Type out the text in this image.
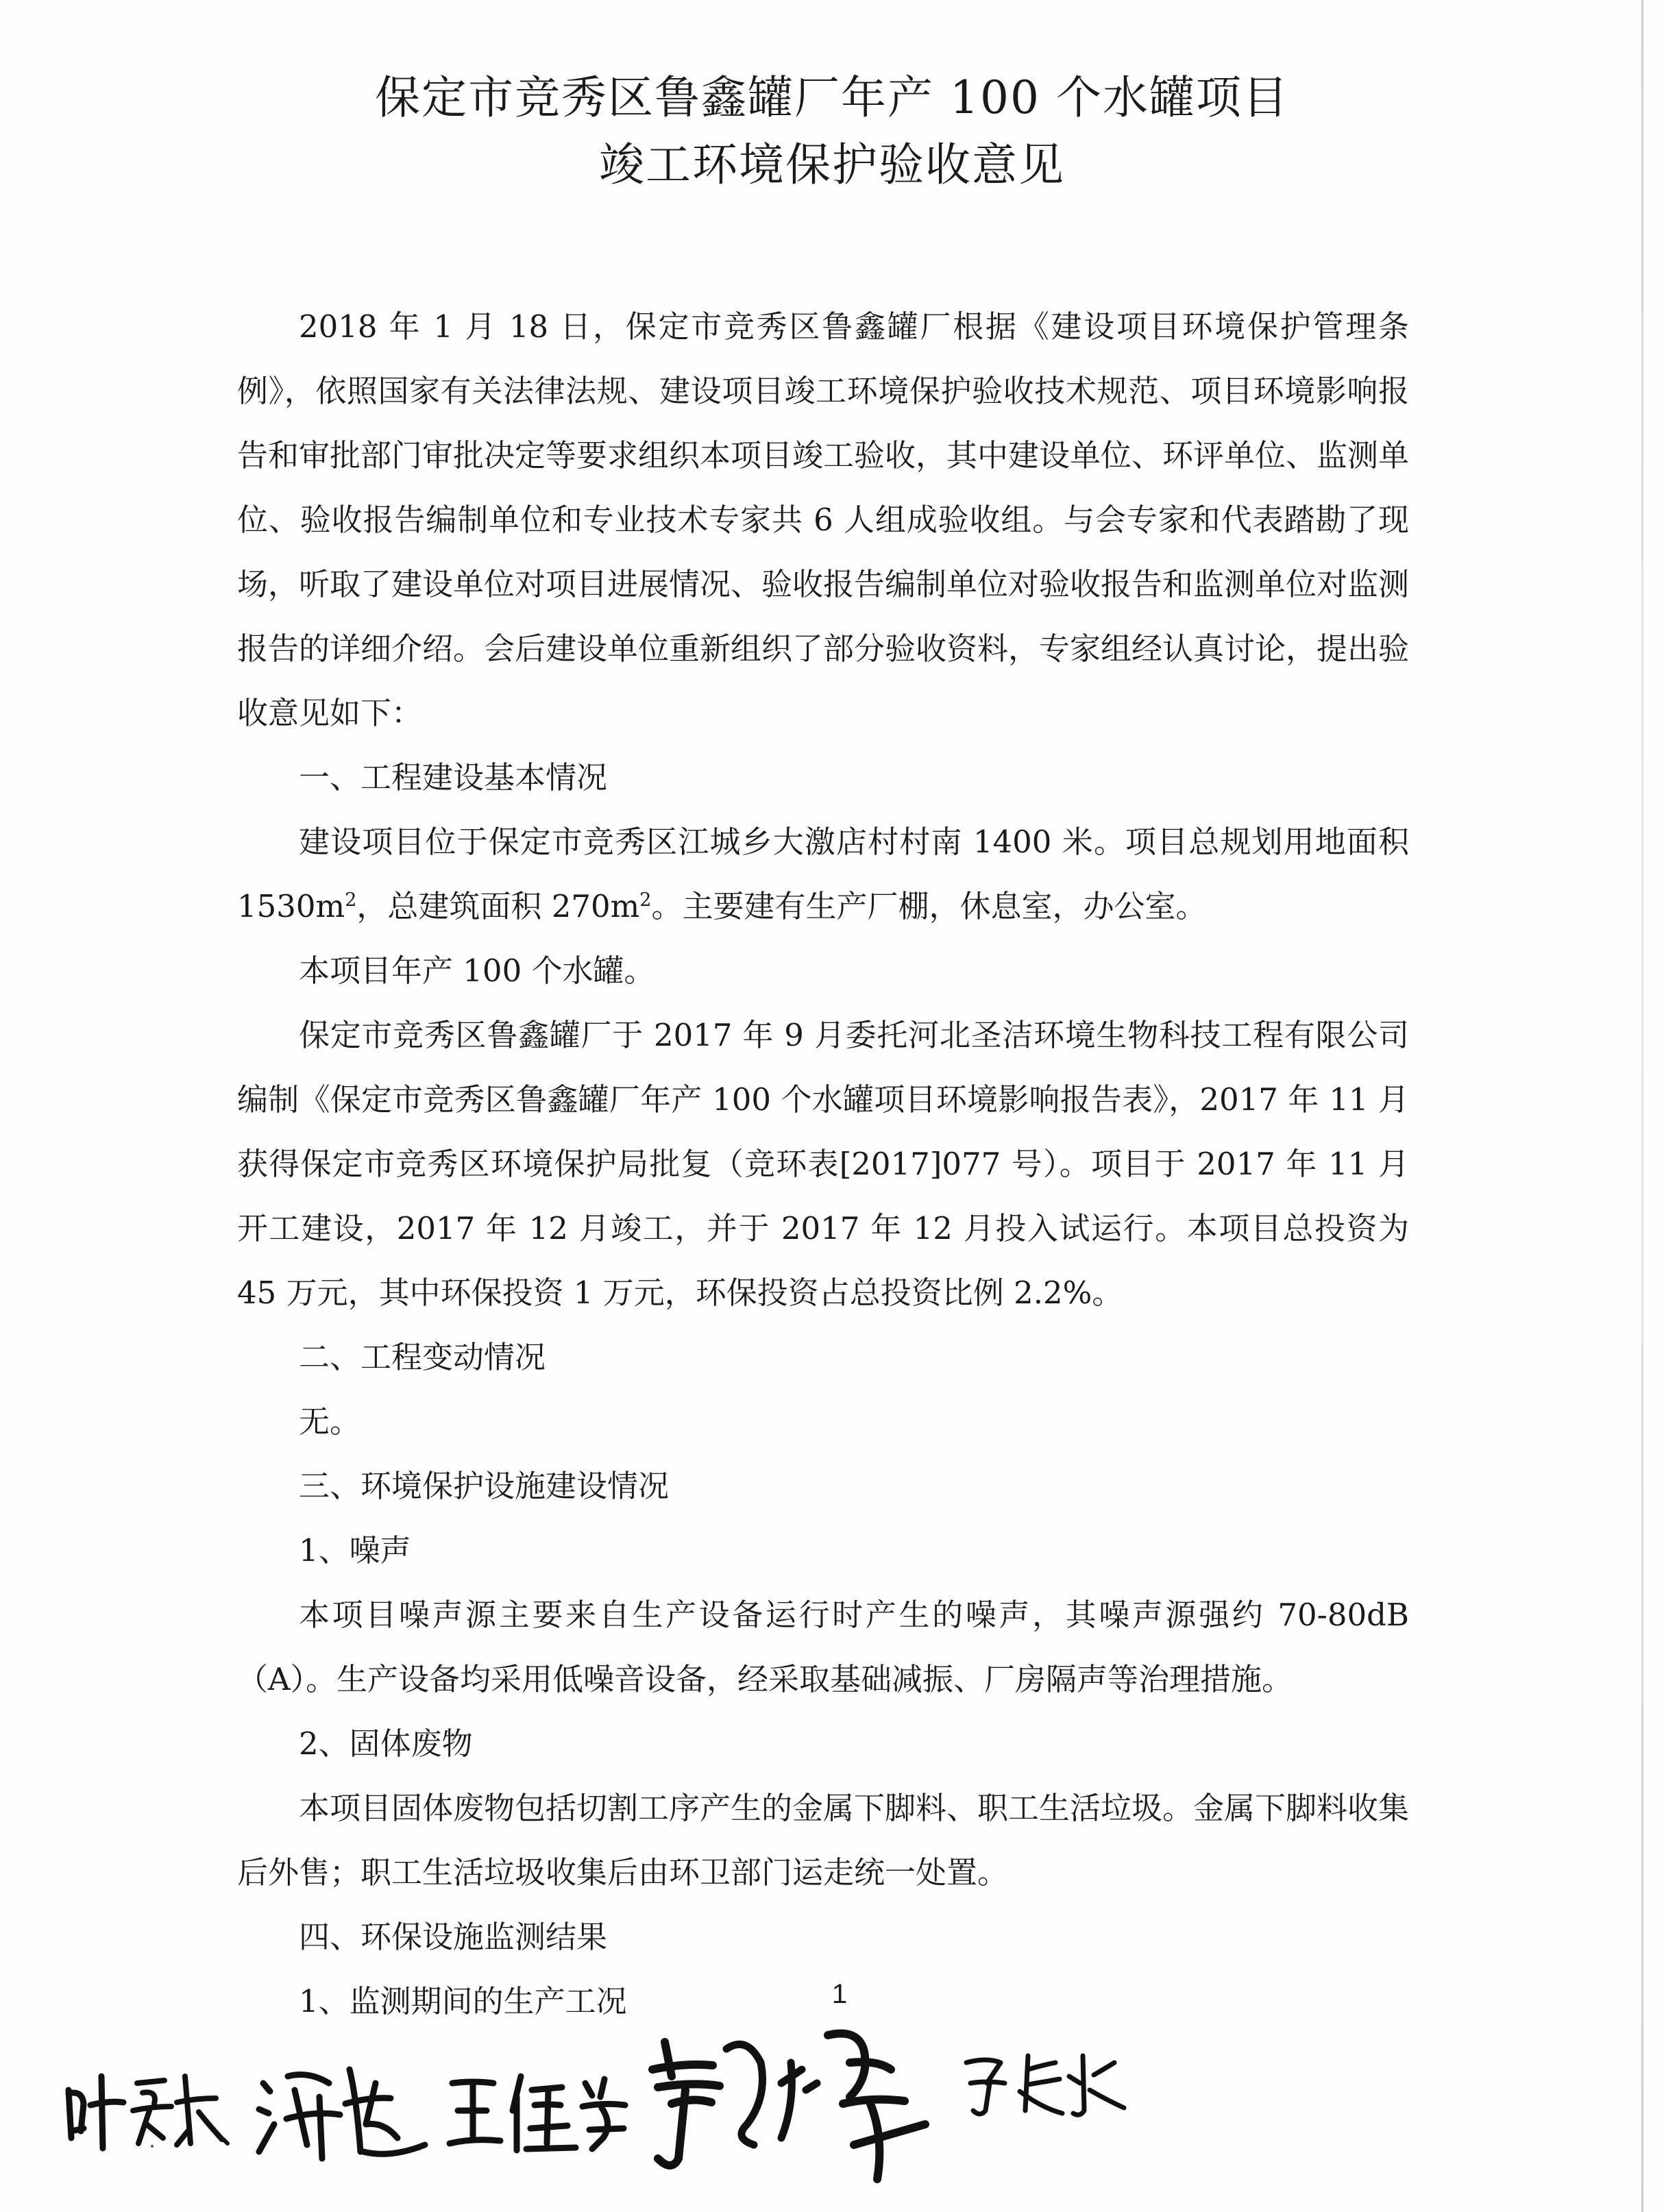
保定市竞秀区鲁鑫罐厂年产 100 个水罐项目
竣工环境保护验收意见

2018 年 1 月 18 日，保定市竞秀区鲁鑫罐厂根据《建设项目环境保护管理条例》，依照国家有关法律法规、建设项目竣工环境保护验收技术规范、项目环境影响报告和审批部门审批决定等要求组织本项目竣工验收，其中建设单位、环评单位、监测单位、验收报告编制单位和专业技术专家共 6 人组成验收组。与会专家和代表踏勘了现场，听取了建设单位对项目进展情况、验收报告编制单位对验收报告和监测单位对监测报告的详细介绍。会后建设单位重新组织了部分验收资料，专家组经认真讨论，提出验收意见如下：

一、工程建设基本情况

建设项目位于保定市竞秀区江城乡大激店村村南 1400 米。项目总规划用地面积 $1530m^2$，总建筑面积 $270m^2$。主要建有生产厂棚，休息室，办公室。

本项目年产 100 个水罐。

保定市竞秀区鲁鑫罐厂于 2017 年 9 月委托河北圣洁环境生物科技工程有限公司编制《保定市竞秀区鲁鑫罐厂年产 100 个水罐项目环境影响报告表》，2017 年 11 月获得保定市竞秀区环境保护局批复（竞环表[2017]077 号）。项目于 2017 年 11 月开工建设，2017 年 12 月竣工，并于 2017 年 12 月投入试运行。本项目总投资为 45 万元，其中环保投资 1 万元，环保投资占总投资比例 2.2%。

二、工程变动情况

无。

三、环境保护设施建设情况

1、噪声

本项目噪声源主要来自生产设备运行时产生的噪声，其噪声源强约 70-80dB（A）。生产设备均采用低噪音设备，经采取基础减振、厂房隔声等治理措施。

2、固体废物

本项目固体废物包括切割工序产生的金属下脚料、职工生活垃圾。金属下脚料收集后外售；职工生活垃圾收集后由环卫部门运走统一处置。

四、环保设施监测结果

1、监测期间的生产工况	1
